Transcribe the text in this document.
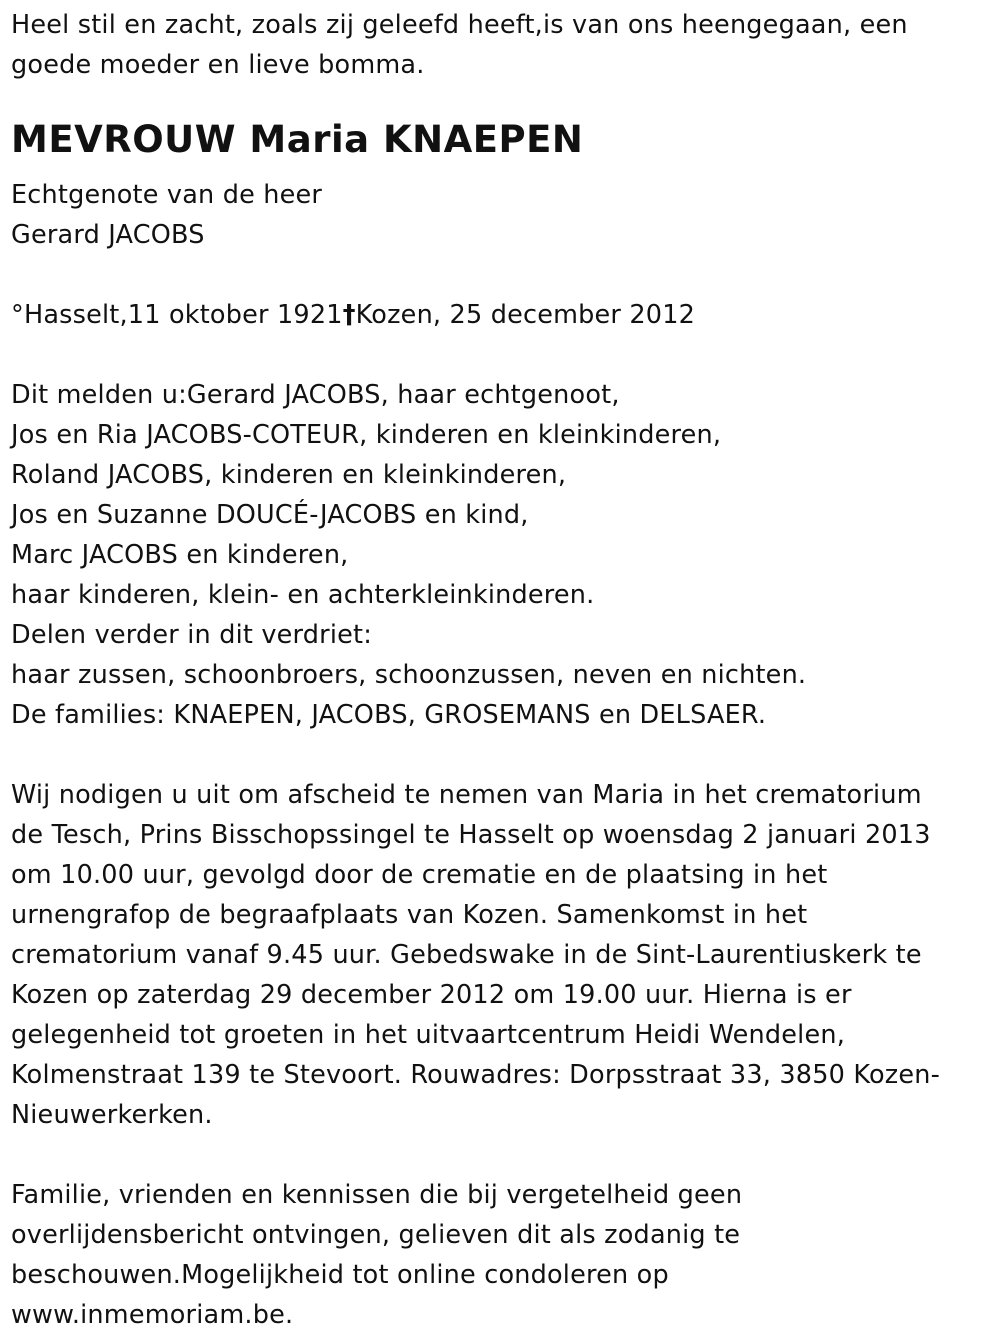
Heel stil en zacht, zoals zij geleefd heeft,is van ons heengegaan, een
goede moeder en lieve bomma.
MEVROUW Maria KNAEPEN
Echtgenote van de heer
Gerard JACOBS
°Hasselt,11 oktober 1921†Kozen, 25 december 2012
Dit melden u:Gerard JACOBS, haar echtgenoot,
Jos en Ria JACOBS-COTEUR, kinderen en kleinkinderen,
Roland JACOBS, kinderen en kleinkinderen,
Jos en Suzanne DOUCÉ-JACOBS en kind,
Marc JACOBS en kinderen,
haar kinderen, klein- en achterkleinkinderen.
Delen verder in dit verdriet:
haar zussen, schoonbroers, schoonzussen, neven en nichten.
De families: KNAEPEN, JACOBS, GROSEMANS en DELSAER.
Wij nodigen u uit om afscheid te nemen van Maria in het crematorium
de Tesch, Prins Bisschopssingel te Hasselt op woensdag 2 januari 2013
om 10.00 uur, gevolgd door de crematie en de plaatsing in het
urnengrafop de begraafplaats van Kozen. Samenkomst in het
crematorium vanaf 9.45 uur. Gebedswake in de Sint-Laurentiuskerk te
Kozen op zaterdag 29 december 2012 om 19.00 uur. Hierna is er
gelegenheid tot groeten in het uitvaartcentrum Heidi Wendelen,
Kolmenstraat 139 te Stevoort. Rouwadres: Dorpsstraat 33, 3850 Kozen-
Nieuwerkerken.
Familie, vrienden en kennissen die bij vergetelheid geen
overlijdensbericht ontvingen, gelieven dit als zodanig te
beschouwen.Mogelijkheid tot online condoleren op
www.inmemoriam.be.
